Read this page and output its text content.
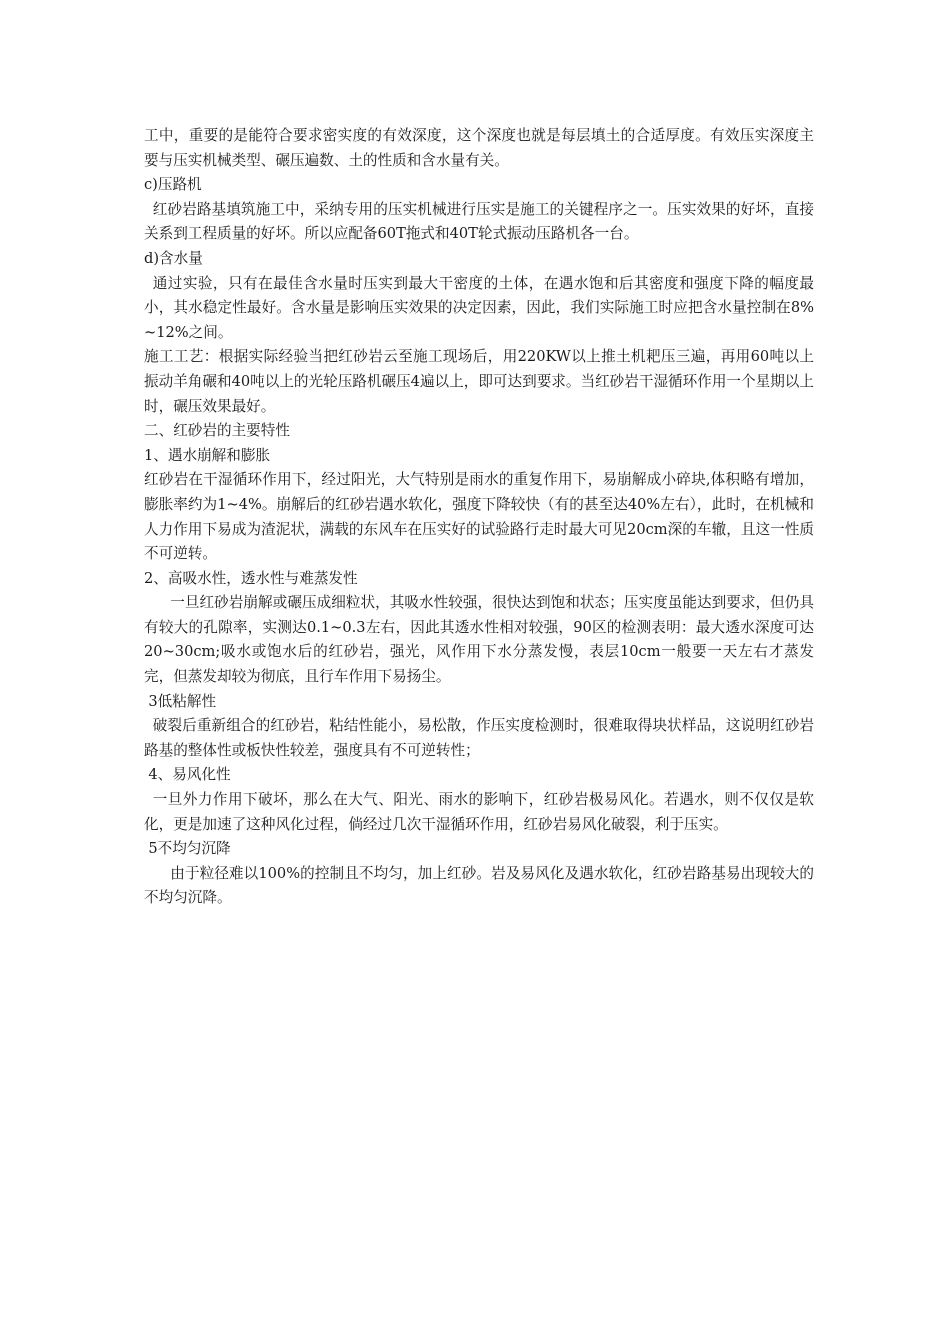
工中，重要的是能符合要求密实度的有效深度，这个深度也就是每层填土的合适厚度。有效压实深度主要与压实机械类型、碾压遍数、土的性质和含水量有关。

c)压路机

红砂岩路基填筑施工中，采纳专用的压实机械进行压实是施工的关键程序之一。压实效果的好坏，直接关系到工程质量的好坏。所以应配备60T拖式和40T轮式振动压路机各一台。

d)含水量

通过实验，只有在最佳含水量时压实到最大干密度的土体，在遇水饱和后其密度和强度下降的幅度最小，其水稳定性最好。含水量是影响压实效果的决定因素，因此，我们实际施工时应把含水量控制在8%~12%之间。

施工工艺：根据实际经验当把红砂岩云至施工现场后，用220KW以上推土机耙压三遍，再用60吨以上振动羊角碾和40吨以上的光轮压路机碾压4遍以上，即可达到要求。当红砂岩干湿循环作用一个星期以上时，碾压效果最好。

二、红砂岩的主要特性

1、遇水崩解和膨胀

红砂岩在干湿循环作用下，经过阳光，大气特别是雨水的重复作用下，易崩解成小碎块,体积略有增加，膨胀率约为1~4%。崩解后的红砂岩遇水软化，强度下降较快（有的甚至达40%左右），此时，在机械和人力作用下易成为渣泥状，满载的东风车在压实好的试验路行走时最大可见20cm深的车辙，且这一性质不可逆转。

2、高吸水性，透水性与难蒸发性

一旦红砂岩崩解或碾压成细粒状，其吸水性较强，很快达到饱和状态；压实度虽能达到要求，但仍具有较大的孔隙率，实测达0.1~0.3左右，因此其透水性相对较强，90区的检测表明：最大透水深度可达20~30cm;吸水或饱水后的红砂岩，强光，风作用下水分蒸发慢，表层10cm一般要一天左右才蒸发完，但蒸发却较为彻底，且行车作用下易扬尘。

3低粘解性

破裂后重新组合的红砂岩，粘结性能小，易松散，作压实度检测时，很难取得块状样品，这说明红砂岩路基的整体性或板快性较差，强度具有不可逆转性；

4、易风化性

一旦外力作用下破坏，那么在大气、阳光、雨水的影响下，红砂岩极易风化。若遇水，则不仅仅是软化，更是加速了这种风化过程，倘经过几次干湿循环作用，红砂岩易风化破裂，利于压实。

5不均匀沉降

由于粒径难以100%的控制且不均匀，加上红砂。岩及易风化及遇水软化，红砂岩路基易出现较大的不均匀沉降。
